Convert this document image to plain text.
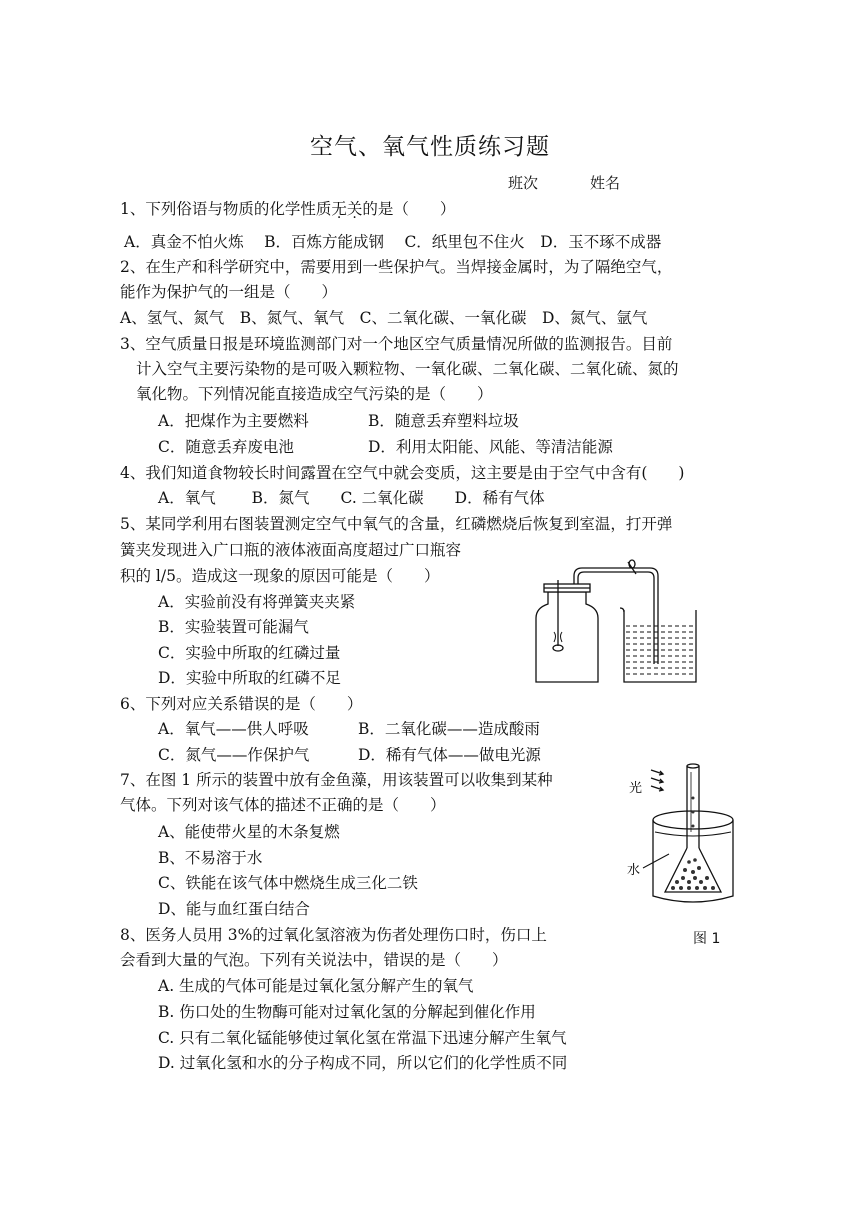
空气、氧气性质练习题
班次	姓名
1、下列俗语与物质的化学性质无关的是（　　）
A．真金不怕火炼　 B．百炼方能成钢　 C．纸里包不住火　D．玉不琢不成器
2、在生产和科学研究中，需要用到一些保护气。当焊接金属时，为了隔绝空气，
能作为保护气的一组是（　　）
A、氢气、氮气　B、氮气、氧气　C、二氧化碳、一氧化碳　D、氮气、氩气
3、空气质量日报是环境监测部门对一个地区空气质量情况所做的监测报告。目前
计入空气主要污染物的是可吸入颗粒物、一氧化碳、二氧化碳、二氧化硫、氮的
氧化物。下列情况能直接造成空气污染的是（　　）
A．把煤作为主要燃料	B．随意丢弃塑料垃圾
C．随意丢弃废电池	D．利用太阳能、风能、等清洁能源
4、我们知道食物较长时间露置在空气中就会变质，这主要是由于空气中含有(　　)
A．氧气　　 B．氮气　　C. 二氧化碳　　D．稀有气体
5、某同学利用右图装置测定空气中氧气的含量，红磷燃烧后恢复到室温，打开弹
簧夹发现进入广口瓶的液体液面高度超过广口瓶容
积的 l/5。造成这一现象的原因可能是（　　）
A．实验前没有将弹簧夹夹紧
B．实验装置可能漏气
C．实验中所取的红磷过量
D．实验中所取的红磷不足
6、下列对应关系错误的是（　　）
A．氧气——供人呼吸	B．二氧化碳——造成酸雨
C．氮气——作保护气	D．稀有气体——做电光源
7、在图 1 所示的装置中放有金鱼藻，用该装置可以收集到某种
气体。下列对该气体的描述不正确的是（　　）
A、能使带火星的木条复燃
B、不易溶于水
C、铁能在该气体中燃烧生成三化二铁
D、能与血红蛋白结合
光
水
图 1
8、医务人员用 3%的过氧化氢溶液为伤者处理伤口时，伤口上
会看到大量的气泡。下列有关说法中，错误的是（　　）
A. 生成的气体可能是过氧化氢分解产生的氧气
B. 伤口处的生物酶可能对过氧化氢的分解起到催化作用
C. 只有二氧化锰能够使过氧化氢在常温下迅速分解产生氧气
D. 过氧化氢和水的分子构成不同，所以它们的化学性质不同
